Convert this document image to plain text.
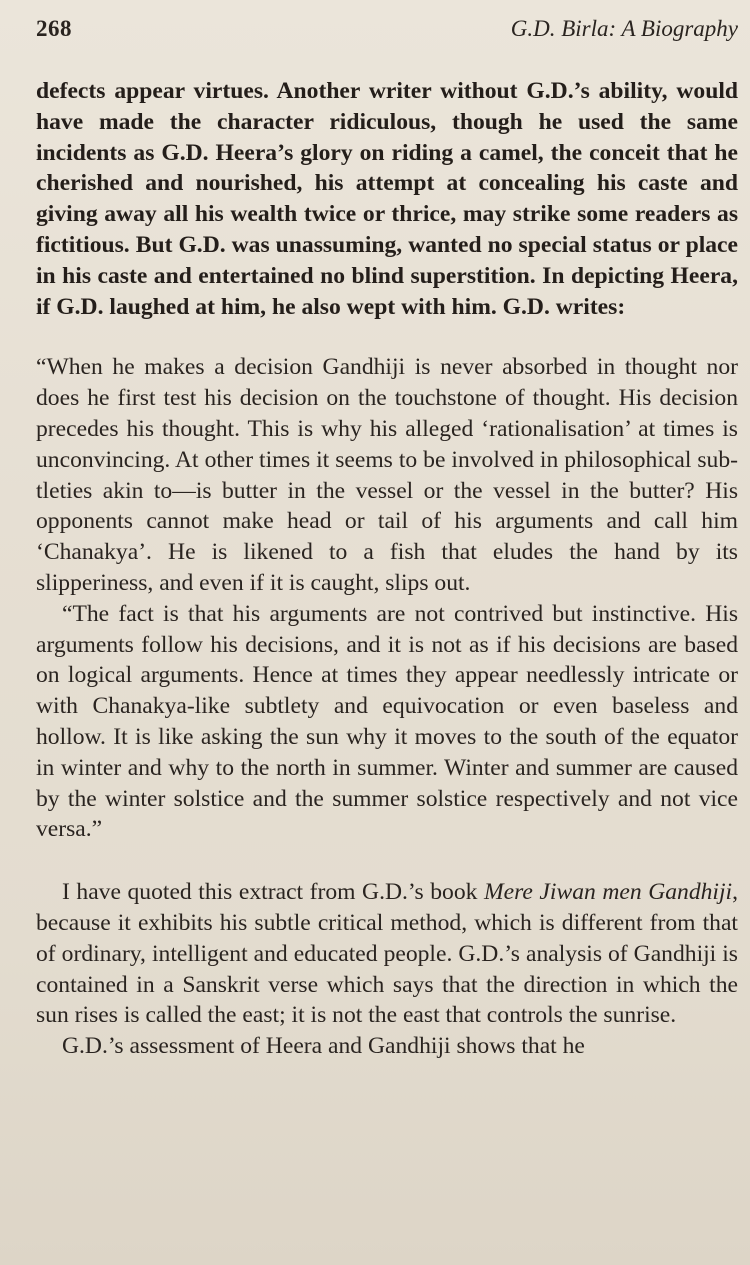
268	G.D. Birla: A Biography

defects appear virtues. Another writer without G.D.’s ability, would have made the character ridiculous, though he used the same incidents as G.D. Heera’s glory on riding a camel, the conceit that he cherished and nourished, his attempt at concealing his caste and giving away all his wealth twice or thrice, may strike some readers as fictitious. But G.D. was unassuming, wanted no special status or place in his caste and entertained no blind superstition. In depicting Heera, if G.D. laughed at him, he also wept with him. G.D. writes:

“When he makes a decision Gandhiji is never absorbed in thought nor does he first test his decision on the touchstone of thought. His decision precedes his thought. This is why his alleged ‘rationalisation’ at times is unconvincing. At other times it seems to be involved in philosophical subtleties akin to—is butter in the vessel or the vessel in the butter? His opponents cannot make head or tail of his arguments and call him ‘Chanakya’. He is likened to a fish that eludes the hand by its slipperiness, and even if it is caught, slips out.

“The fact is that his arguments are not contrived but instinctive. His arguments follow his decisions, and it is not as if his decisions are based on logical arguments. Hence at times they appear needlessly intricate or with Chanakya-like subtlety and equivocation or even baseless and hollow. It is like asking the sun why it moves to the south of the equator in winter and why to the north in summer. Winter and summer are caused by the winter solstice and the summer solstice respectively and not vice versa.”

I have quoted this extract from G.D.’s book Mere Jiwan men Gandhiji, because it exhibits his subtle critical method, which is different from that of ordinary, intelligent and educated people. G.D.’s analysis of Gandhiji is contained in a Sanskrit verse which says that the direction in which the sun rises is called the east; it is not the east that controls the sunrise.

G.D.’s assessment of Heera and Gandhiji shows that he
